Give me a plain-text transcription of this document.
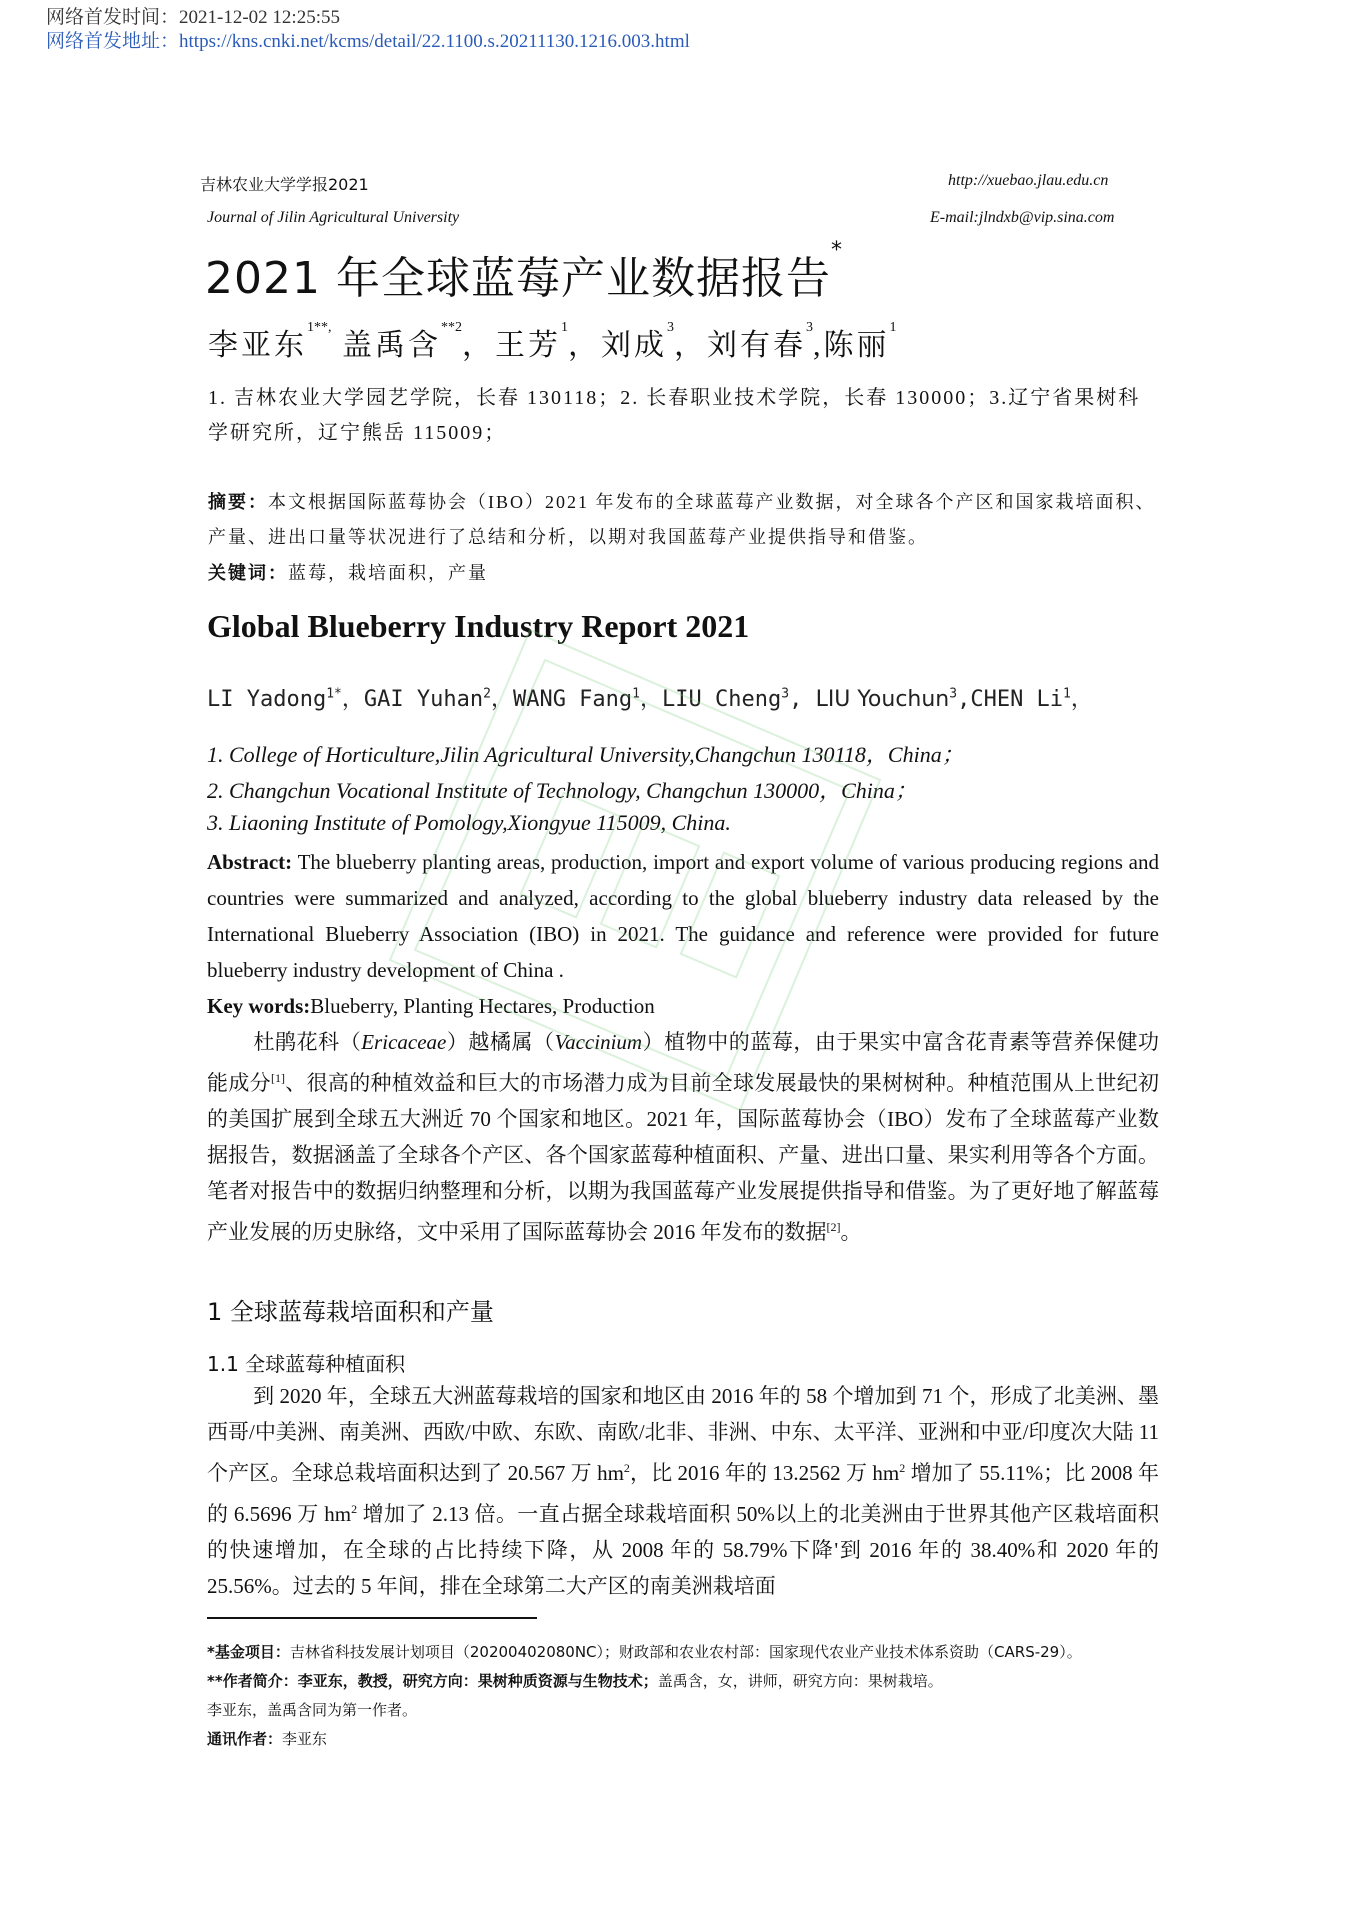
网络首发时间：2021-12-02 12:25:55
网络首发地址：https://kns.cnki.net/kcms/detail/22.1100.s.20211130.1216.003.html
吉林农业大学学报2021	http://xuebao.jlau.edu.cn
Journal of Jilin Agricultural University	E-mail:jlndxb@vip.sina.com
2021 年全球蓝莓产业数据报告*
李亚东$^{1**,}$ 盖禹含$^{**2}$，王芳$^1$，刘成$^3$，刘有春$^3$,陈丽$^1$
1. 吉林农业大学园艺学院，长春 130118；2. 长春职业技术学院，长春 130000；3.辽宁省果树科学研究所，辽宁熊岳 115009；
摘要：本文根据国际蓝莓协会（IBO）2021 年发布的全球蓝莓产业数据，对全球各个产区和国家栽培面积、产量、进出口量等状况进行了总结和分析，以期对我国蓝莓产业提供指导和借鉴。
关键词：蓝莓，栽培面积，产量
Global Blueberry Industry Report 2021
LI Yadong$^{1*}$，GAI Yuhan$^2$，WANG Fang$^1$，LIU Cheng$^3$, LIU Youchun$^3$,CHEN Li$^1$，
1. College of Horticulture,Jilin Agricultural University,Changchun 130118，China；
2. Changchun Vocational Institute of Technology, Changchun 130000，China；
3. Liaoning Institute of Pomology,Xiongyue 115009, China.
Abstract: The blueberry planting areas, production, import and export volume of various producing regions and countries were summarized and analyzed, according to the global blueberry industry data released by the International Blueberry Association (IBO) in 2021. The guidance and reference were provided for future blueberry industry development of China .
Key words:Blueberry, Planting Hectares, Production
杜鹃花科（Ericaceae）越橘属（Vaccinium）植物中的蓝莓，由于果实中富含花青素等营养保健功能成分[1]、很高的种植效益和巨大的市场潜力成为目前全球发展最快的果树树种。种植范围从上世纪初的美国扩展到全球五大洲近 70 个国家和地区。2021 年，国际蓝莓协会（IBO）发布了全球蓝莓产业数据报告，数据涵盖了全球各个产区、各个国家蓝莓种植面积、产量、进出口量、果实利用等各个方面。笔者对报告中的数据归纳整理和分析，以期为我国蓝莓产业发展提供指导和借鉴。为了更好地了解蓝莓产业发展的历史脉络，文中采用了国际蓝莓协会 2016 年发布的数据[2]。
1 全球蓝莓栽培面积和产量
1.1 全球蓝莓种植面积
到 2020 年，全球五大洲蓝莓栽培的国家和地区由 2016 年的 58 个增加到 71 个，形成了北美洲、墨西哥/中美洲、南美洲、西欧/中欧、东欧、南欧/北非、非洲、中东、太平洋、亚洲和中亚/印度次大陆 11 个产区。全球总栽培面积达到了 20.567 万 $hm^2$，比 2016 年的 13.2562 万 $hm^2$ 增加了 55.11%；比 2008 年的 6.5696 万 $hm^2$ 增加了 2.13 倍。一直占据全球栽培面积 50%以上的北美洲由于世界其他产区栽培面积的快速增加，在全球的占比持续下降，从 2008 年的 58.79%下降'到 2016 年的 38.40%和 2020 年的 25.56%。过去的 5 年间，排在全球第二大产区的南美洲栽培面
*基金项目：吉林省科技发展计划项目（20200402080NC）；财政部和农业农村部：国家现代农业产业技术体系资助（CARS-29）。
**作者简介：李亚东，教授，研究方向：果树种质资源与生物技术；盖禹含，女，讲师，研究方向：果树栽培。
李亚东，盖禹含同为第一作者。
通讯作者：李亚东
